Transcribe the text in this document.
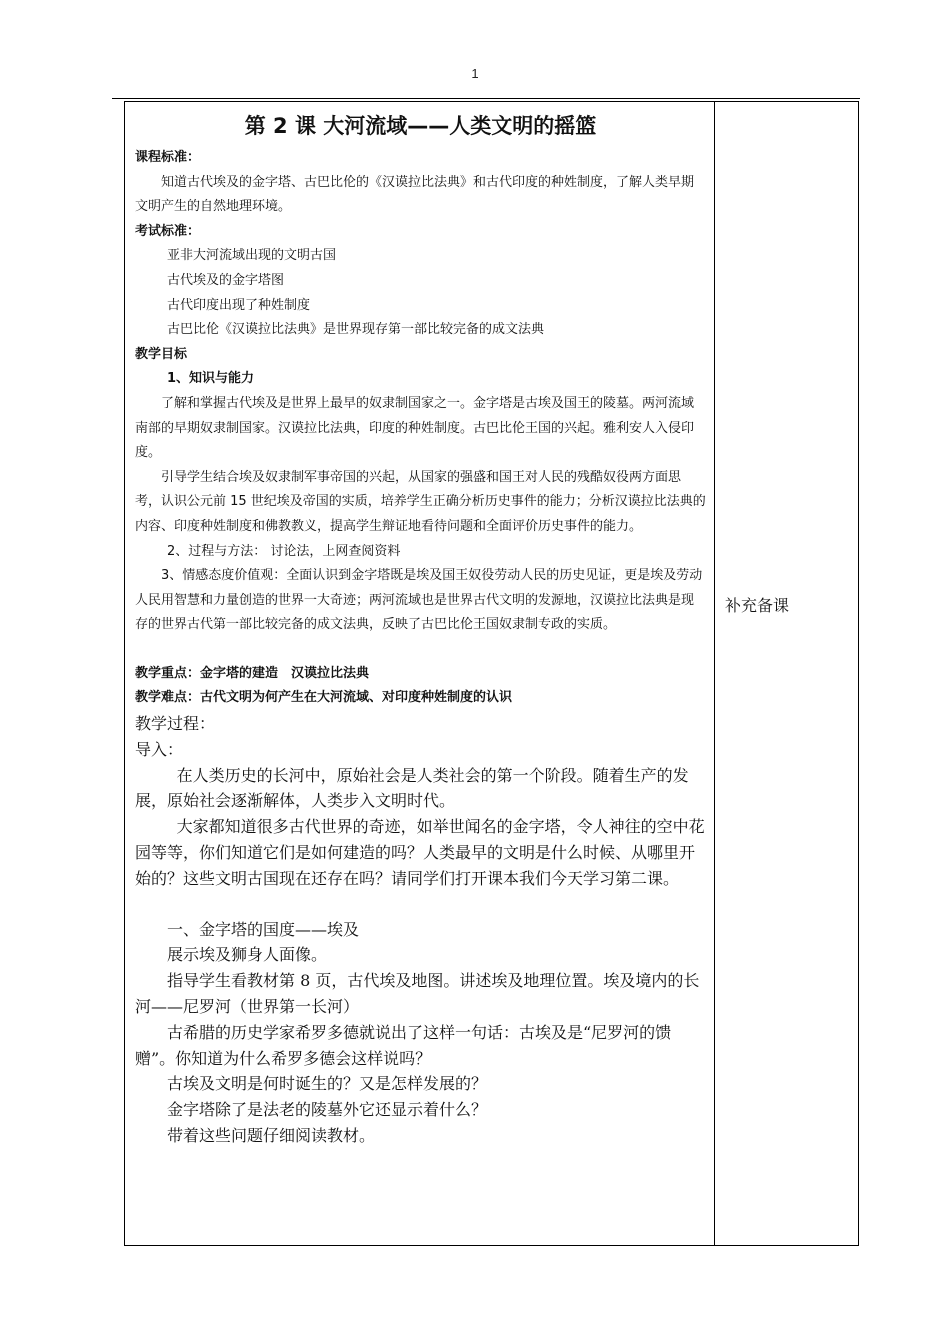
1
第 2 课 大河流域——人类文明的摇篮

课程标准：

知道古代埃及的金字塔、古巴比伦的《汉谟拉比法典》和古代印度的种姓制度，了解人类早期文明产生的自然地理环境。

考试标准：

亚非大河流域出现的文明古国

古代埃及的金字塔图

古代印度出现了种姓制度

古巴比伦《汉谟拉比法典》是世界现存第一部比较完备的成文法典

教学目标

1、知识与能力

了解和掌握古代埃及是世界上最早的奴隶制国家之一。金字塔是古埃及国王的陵墓。两河流域南部的早期奴隶制国家。汉谟拉比法典，印度的种姓制度。古巴比伦王国的兴起。雅利安人入侵印度。

引导学生结合埃及奴隶制军事帝国的兴起，从国家的强盛和国王对人民的残酷奴役两方面思考，认识公元前 15 世纪埃及帝国的实质，培养学生正确分析历史事件的能力；分析汉谟拉比法典的内容、印度种姓制度和佛教教义，提高学生辩证地看待问题和全面评价历史事件的能力。

2、过程与方法： 讨论法，上网查阅资料

3、情感态度价值观：全面认识到金字塔既是埃及国王奴役劳动人民的历史见证，更是埃及劳动人民用智慧和力量创造的世界一大奇迹；两河流域也是世界古代文明的发源地，汉谟拉比法典是现存的世界古代第一部比较完备的成文法典，反映了古巴比伦王国奴隶制专政的实质。

教学重点：金字塔的建造　汉谟拉比法典

教学难点：古代文明为何产生在大河流域、对印度种姓制度的认识

教学过程：

导入：

在人类历史的长河中，原始社会是人类社会的第一个阶段。随着生产的发展，原始社会逐渐解体，人类步入文明时代。

大家都知道很多古代世界的奇迹，如举世闻名的金字塔，令人神往的空中花园等等，你们知道它们是如何建造的吗？人类最早的文明是什么时候、从哪里开始的？这些文明古国现在还存在吗？请同学们打开课本我们今天学习第二课。

一、金字塔的国度——埃及

展示埃及狮身人面像。

指导学生看教材第 8 页，古代埃及地图。讲述埃及地理位置。埃及境内的长河——尼罗河（世界第一长河）

古希腊的历史学家希罗多德就说出了这样一句话：古埃及是“尼罗河的馈赠”。你知道为什么希罗多德会这样说吗？

古埃及文明是何时诞生的？又是怎样发展的？

金字塔除了是法老的陵墓外它还显示着什么？

带着这些问题仔细阅读教材。

补充备课
